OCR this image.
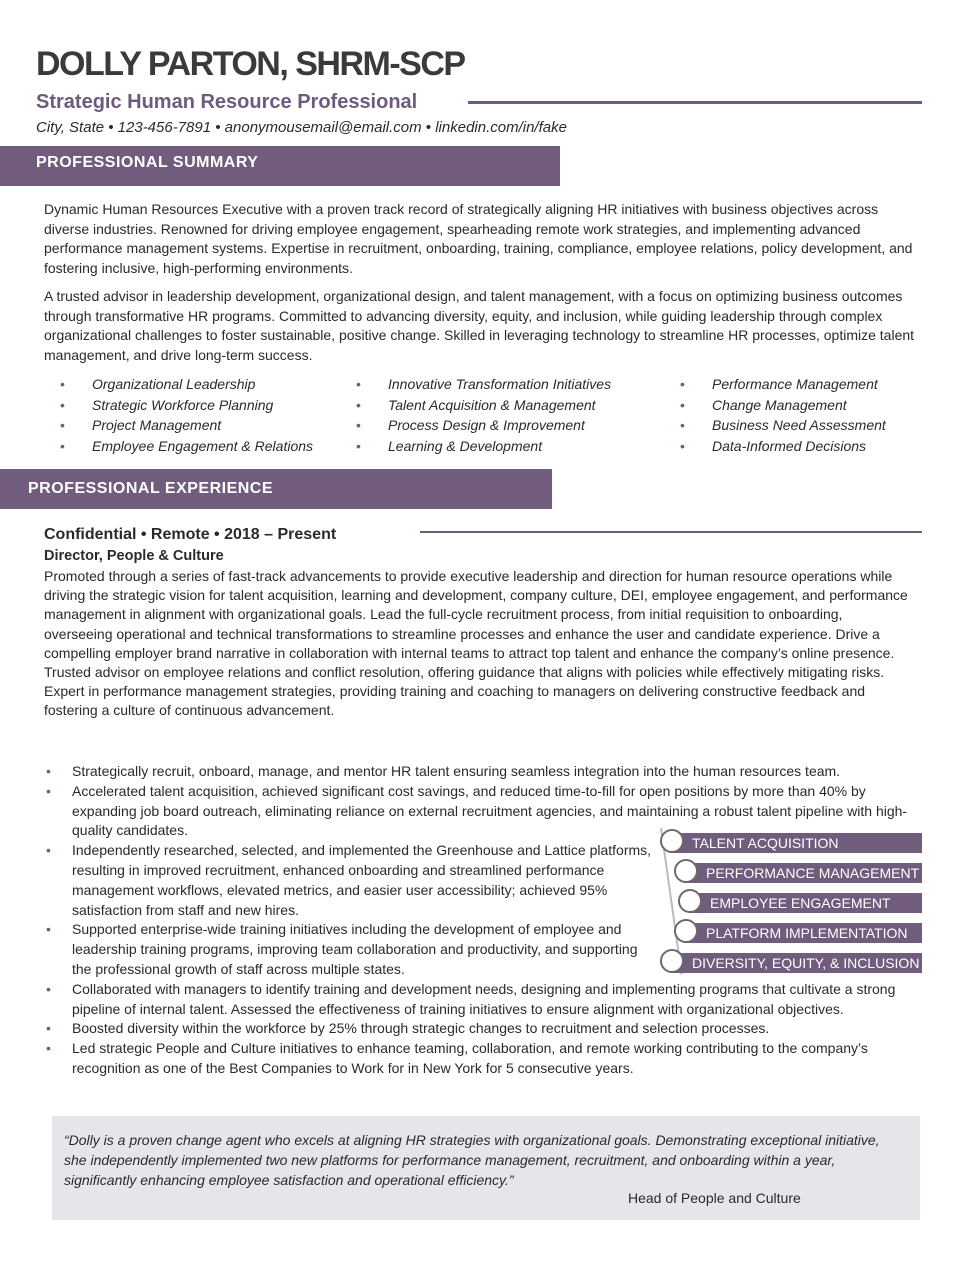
DOLLY PARTON, SHRM-SCP
Strategic Human Resource Professional
City, State • 123-456-7891 • anonymousemail@email.com • linkedin.com/in/fake
PROFESSIONAL SUMMARY

Dynamic Human Resources Executive with a proven track record of strategically aligning HR initiatives with business objectives across diverse industries. Renowned for driving employee engagement, spearheading remote work strategies, and implementing advanced performance management systems. Expertise in recruitment, onboarding, training, compliance, employee relations, policy development, and fostering inclusive, high-performing environments.

A trusted advisor in leadership development, organizational design, and talent management, with a focus on optimizing business outcomes through transformative HR programs. Committed to advancing diversity, equity, and inclusion, while guiding leadership through complex organizational challenges to foster sustainable, positive change. Skilled in leveraging technology to streamline HR processes, optimize talent management, and drive long-term success.

• Organizational Leadership
• Strategic Workforce Planning
• Project Management
• Employee Engagement & Relations
• Innovative Transformation Initiatives
• Talent Acquisition & Management
• Process Design & Improvement
• Learning & Development
• Performance Management
• Change Management
• Business Need Assessment
• Data-Informed Decisions
PROFESSIONAL EXPERIENCE
Confidential • Remote • 2018 – Present
Director, People & Culture

Promoted through a series of fast-track advancements to provide executive leadership and direction for human resource operations while driving the strategic vision for talent acquisition, learning and development, company culture, DEI, employee engagement, and performance management in alignment with organizational goals. Lead the full-cycle recruitment process, from initial requisition to onboarding, overseeing operational and technical transformations to streamline processes and enhance the user and candidate experience. Drive a compelling employer brand narrative in collaboration with internal teams to attract top talent and enhance the company’s online presence. Trusted advisor on employee relations and conflict resolution, offering guidance that aligns with policies while effectively mitigating risks. Expert in performance management strategies, providing training and coaching to managers on delivering constructive feedback and fostering a culture of continuous advancement.

• Strategically recruit, onboard, manage, and mentor HR talent ensuring seamless integration into the human resources team.
• Accelerated talent acquisition, achieved significant cost savings, and reduced time-to-fill for open positions by more than 40% by expanding job board outreach, eliminating reliance on external recruitment agencies, and maintaining a robust talent pipeline with high-quality candidates.
• Independently researched, selected, and implemented the Greenhouse and Lattice platforms, resulting in improved recruitment, enhanced onboarding and streamlined performance management workflows, elevated metrics, and easier user accessibility; achieved 95% satisfaction from staff and new hires.
• Supported enterprise-wide training initiatives including the development of employee and leadership training programs, improving team collaboration and productivity, and supporting the professional growth of staff across multiple states.
• Collaborated with managers to identify training and development needs, designing and implementing programs that cultivate a strong pipeline of internal talent. Assessed the effectiveness of training initiatives to ensure alignment with organizational objectives.
• Boosted diversity within the workforce by 25% through strategic changes to recruitment and selection processes.
• Led strategic People and Culture initiatives to enhance teaming, collaboration, and remote working contributing to the company’s recognition as one of the Best Companies to Work for in New York for 5 consecutive years.
TALENT ACQUISITION
PERFORMANCE MANAGEMENT
EMPLOYEE ENGAGEMENT
PLATFORM IMPLEMENTATION
DIVERSITY, EQUITY, & INCLUSION

“Dolly is a proven change agent who excels at aligning HR strategies with organizational goals. Demonstrating exceptional initiative, she independently implemented two new platforms for performance management, recruitment, and onboarding within a year, significantly enhancing employee satisfaction and operational efficiency.”

Head of People and Culture
